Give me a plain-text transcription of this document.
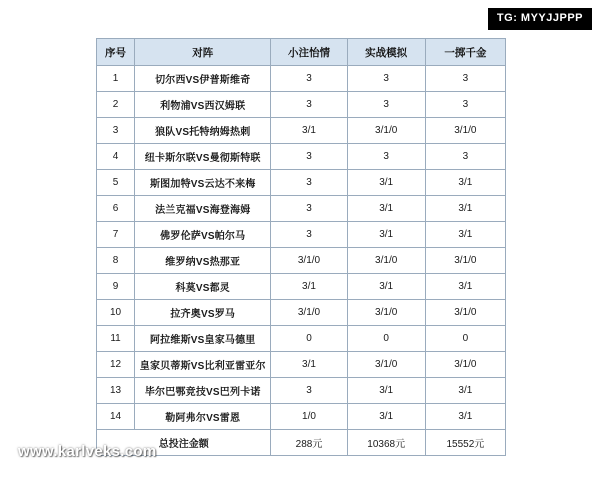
TG: MYYJJPPP
序号	对阵	小注怡情	实战模拟	一掷千金
1	切尔西VS伊普斯维奇	3	3	3
2	利物浦VS西汉姆联	3	3	3
3	狼队VS托特纳姆热刺	3/1	3/1/0	3/1/0
4	纽卡斯尔联VS曼彻斯特联	3	3	3
5	斯图加特VS云达不来梅	3	3/1	3/1
6	法兰克福VS海登海姆	3	3/1	3/1
7	佛罗伦萨VS帕尔马	3	3/1	3/1
8	维罗纳VS热那亚	3/1/0	3/1/0	3/1/0
9	科莫VS都灵	3/1	3/1	3/1
10	拉齐奥VS罗马	3/1/0	3/1/0	3/1/0
11	阿拉维斯VS皇家马德里	0	0	0
12	皇家贝蒂斯VS比利亚雷亚尔	3/1	3/1/0	3/1/0
13	毕尔巴鄂竞技VS巴列卡诺	3	3/1	3/1
14	勒阿弗尔VS雷恩	1/0	3/1	3/1
总投注金额		288元	10368元	15552元
www.karlveks.com
